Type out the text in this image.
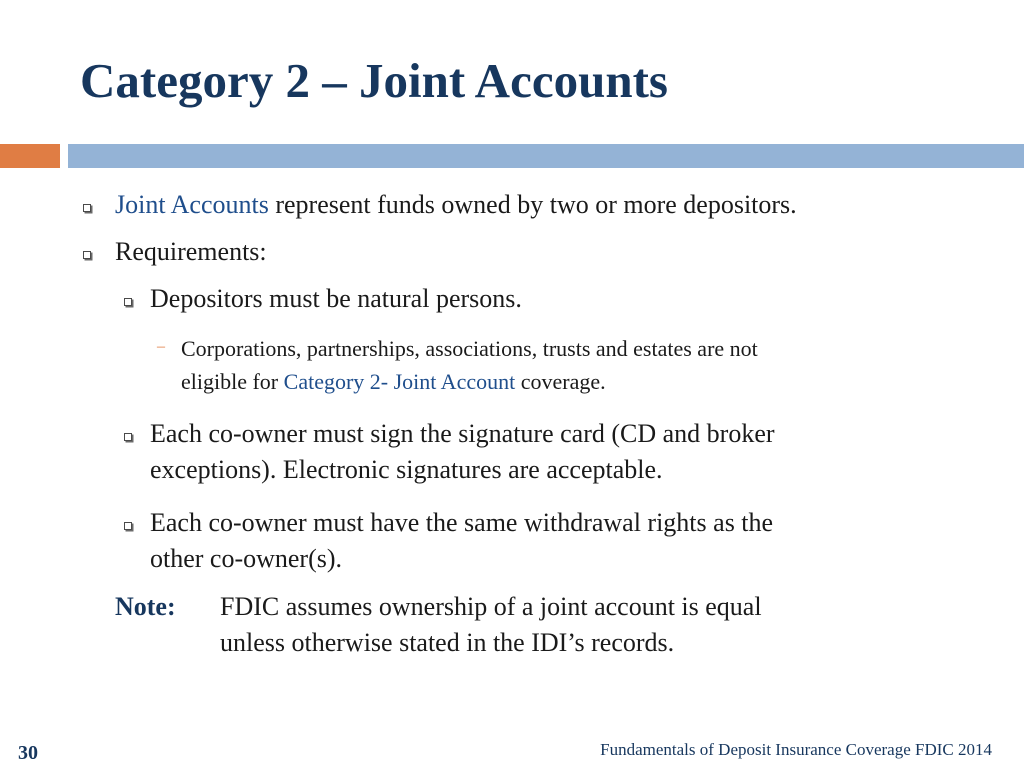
Category 2 – Joint Accounts
Joint Accounts represent funds owned by two or more depositors.
Requirements:
Depositors must be natural persons.
– Corporations, partnerships, associations, trusts and estates are not
eligible for Category 2- Joint Account coverage.
Each co-owner must sign the signature card (CD and broker
exceptions). Electronic signatures are acceptable.
Each co-owner must have the same withdrawal rights as the
other co-owner(s).
Note: FDIC assumes ownership of a joint account is equal
unless otherwise stated in the IDI’s records.
30	Fundamentals of Deposit Insurance Coverage FDIC 2014
